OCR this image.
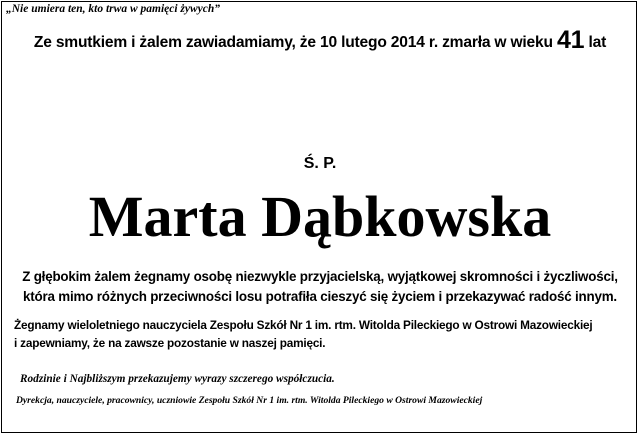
„Nie umiera ten, kto trwa w pamięci żywych”
Ze smutkiem i żalem zawiadamiamy, że 10 lutego 2014 r. zmarła w wieku 41 lat
Ś. P.
Marta Dąbkowska
Z głębokim żalem żegnamy osobę niezwykle przyjacielską, wyjątkowej skromności i życzliwości,
która mimo różnych przeciwności losu potrafiła cieszyć się życiem i przekazywać radość innym.
Żegnamy wieloletniego nauczyciela Zespołu Szkół Nr 1 im. rtm. Witolda Pileckiego w Ostrowi Mazowieckiej
i zapewniamy, że na zawsze pozostanie w naszej pamięci.
Rodzinie i Najbliższym przekazujemy wyrazy szczerego współczucia.
Dyrekcja, nauczyciele, pracownicy, uczniowie Zespołu Szkół Nr 1 im. rtm. Witolda Pileckiego w Ostrowi Mazowieckiej
